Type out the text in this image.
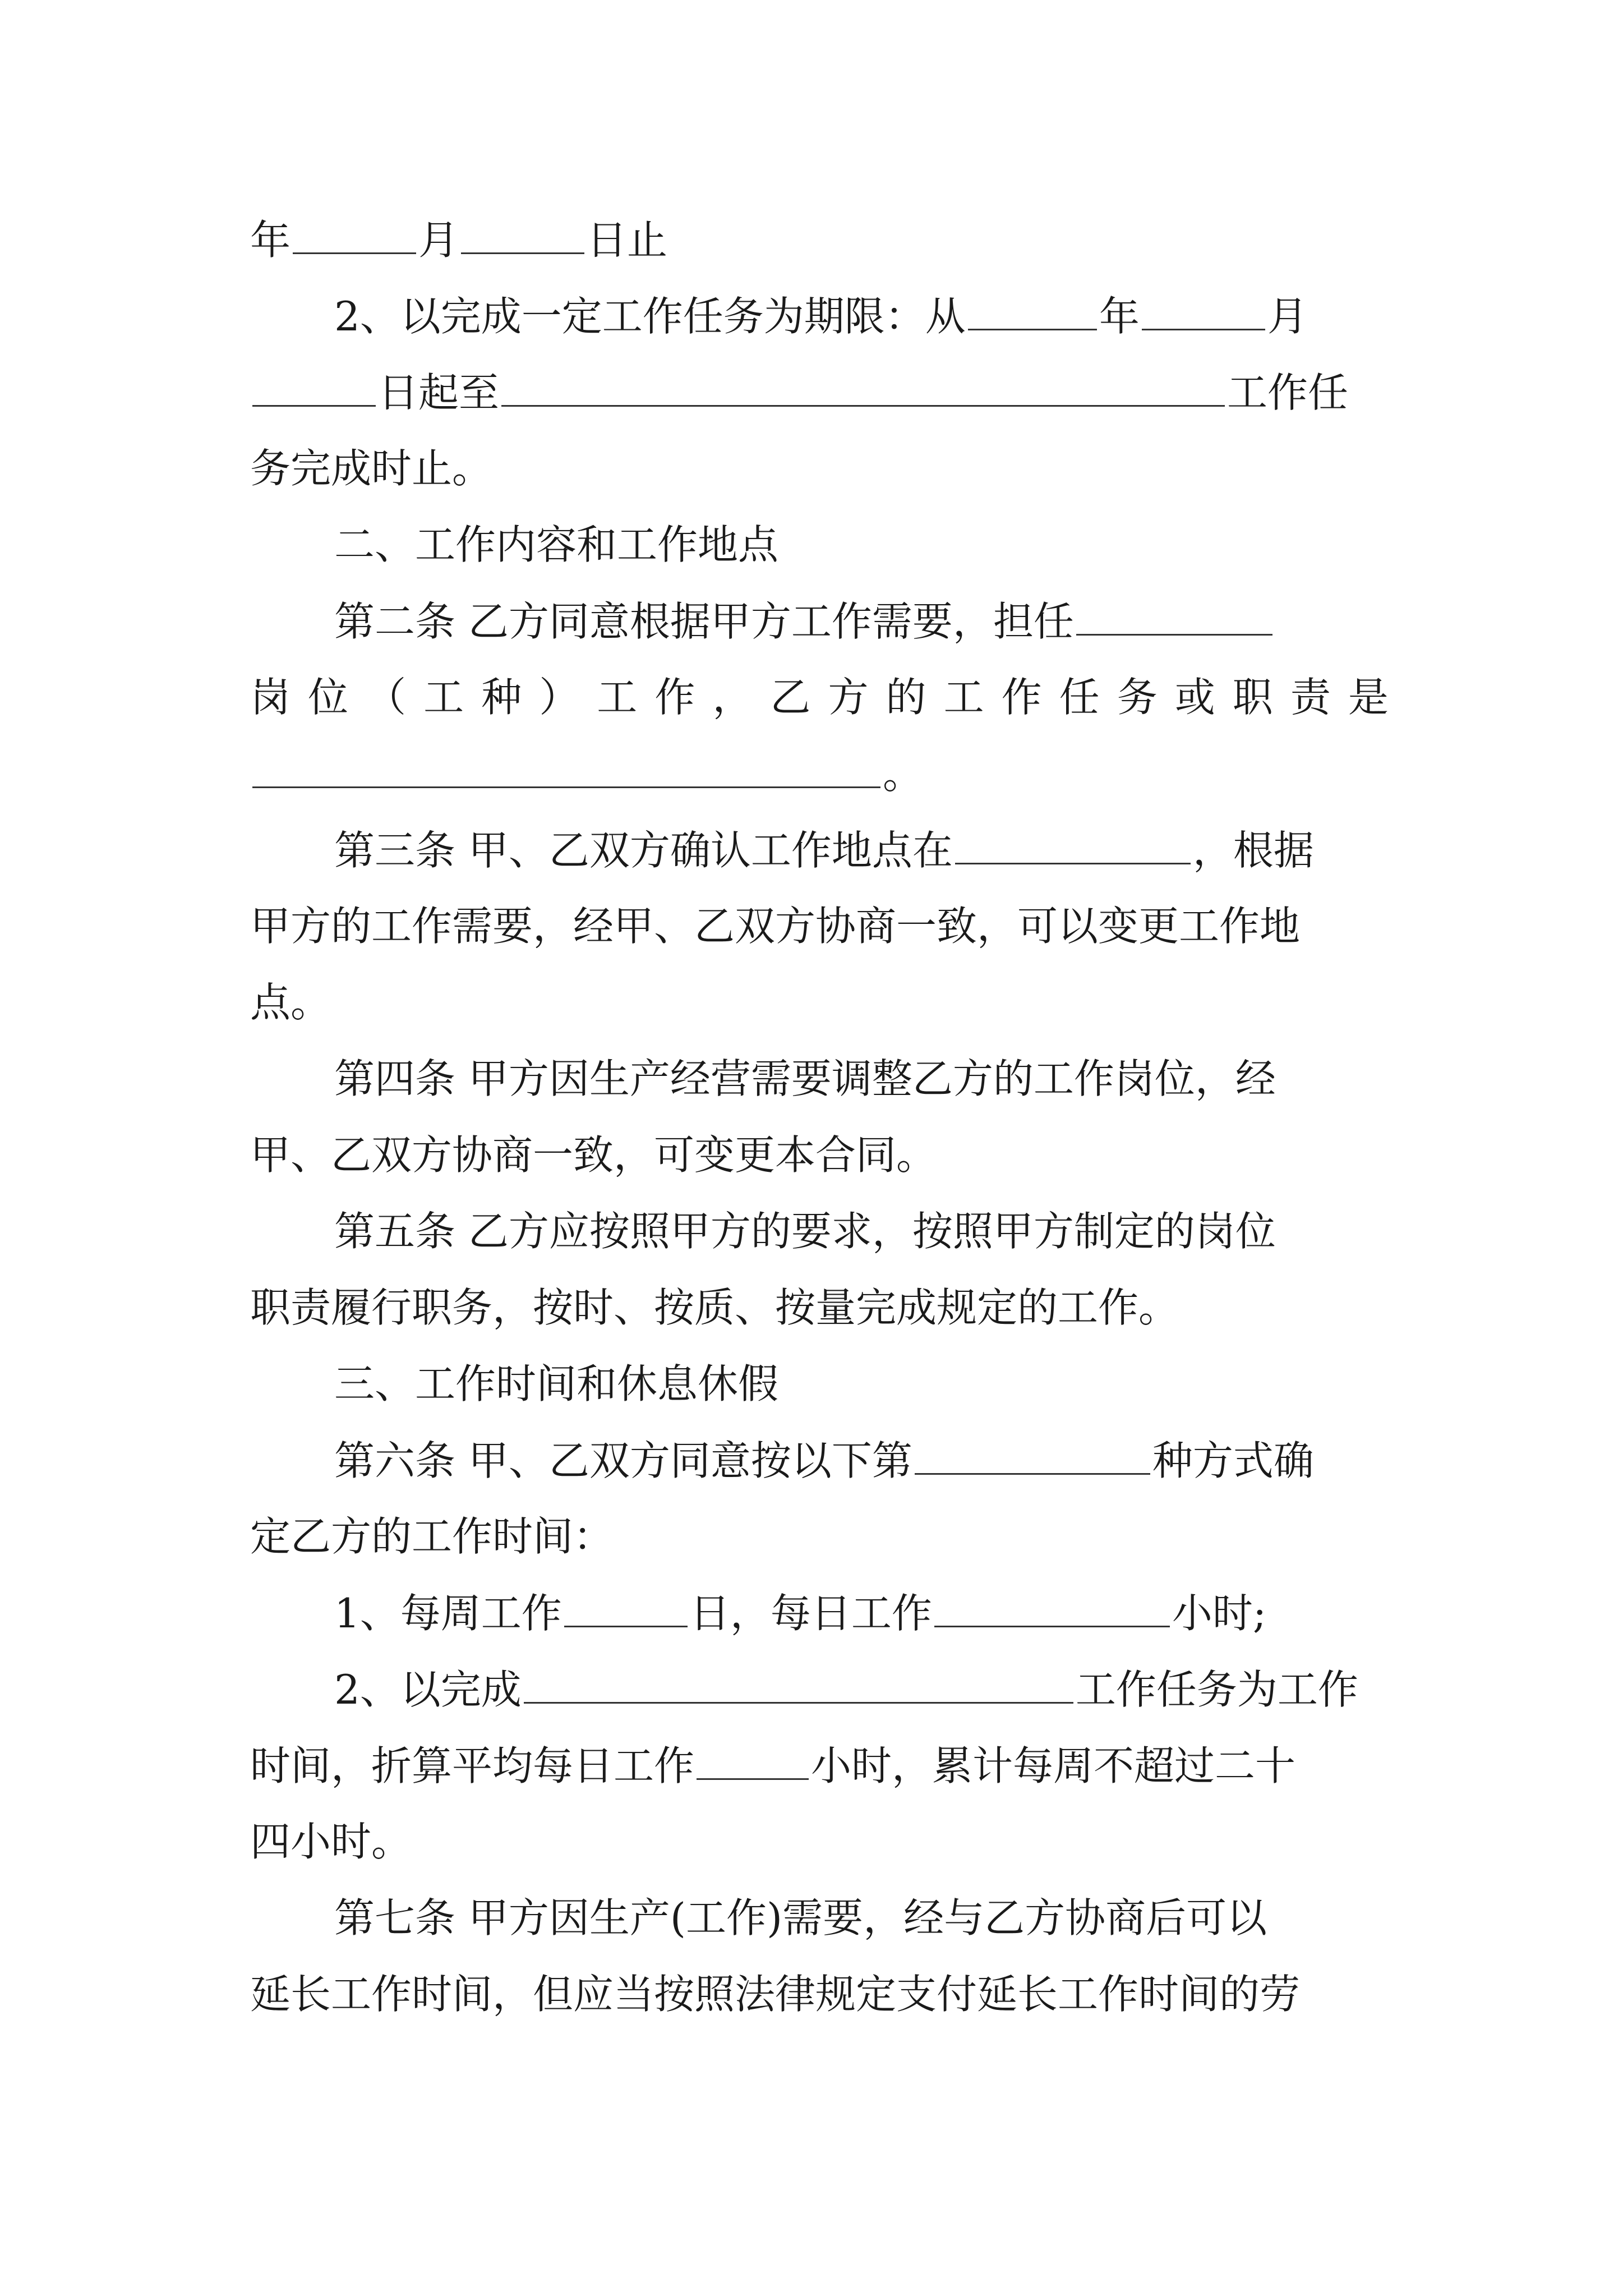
年	月	日止
2、以完成一定工作任务为期限：从	年	月
日起至	工作任
务完成时止。
二、工作内容和工作地点
第二条 乙方同意根据甲方工作需要，担任
岗 位 （ 工 种 ） 工 作 ， 乙 方 的 工 作 任 务 或 职 责 是
。
第三条 甲、乙双方确认工作地点在	，根据
甲方的工作需要，经甲、乙双方协商一致，可以变更工作地
点。
第四条 甲方因生产经营需要调整乙方的工作岗位，经
甲、乙双方协商一致，可变更本合同。
第五条 乙方应按照甲方的要求，按照甲方制定的岗位
职责履行职务，按时、按质、按量完成规定的工作。
三、工作时间和休息休假
第六条 甲、乙双方同意按以下第	种方式确
定乙方的工作时间：
1、每周工作	日，每日工作	小时;
2、以完成	工作任务为工作
时间，折算平均每日工作	小时，累计每周不超过二十
四小时。
第七条 甲方因生产(工作)需要，经与乙方协商后可以
延长工作时间，但应当按照法律规定支付延长工作时间的劳
